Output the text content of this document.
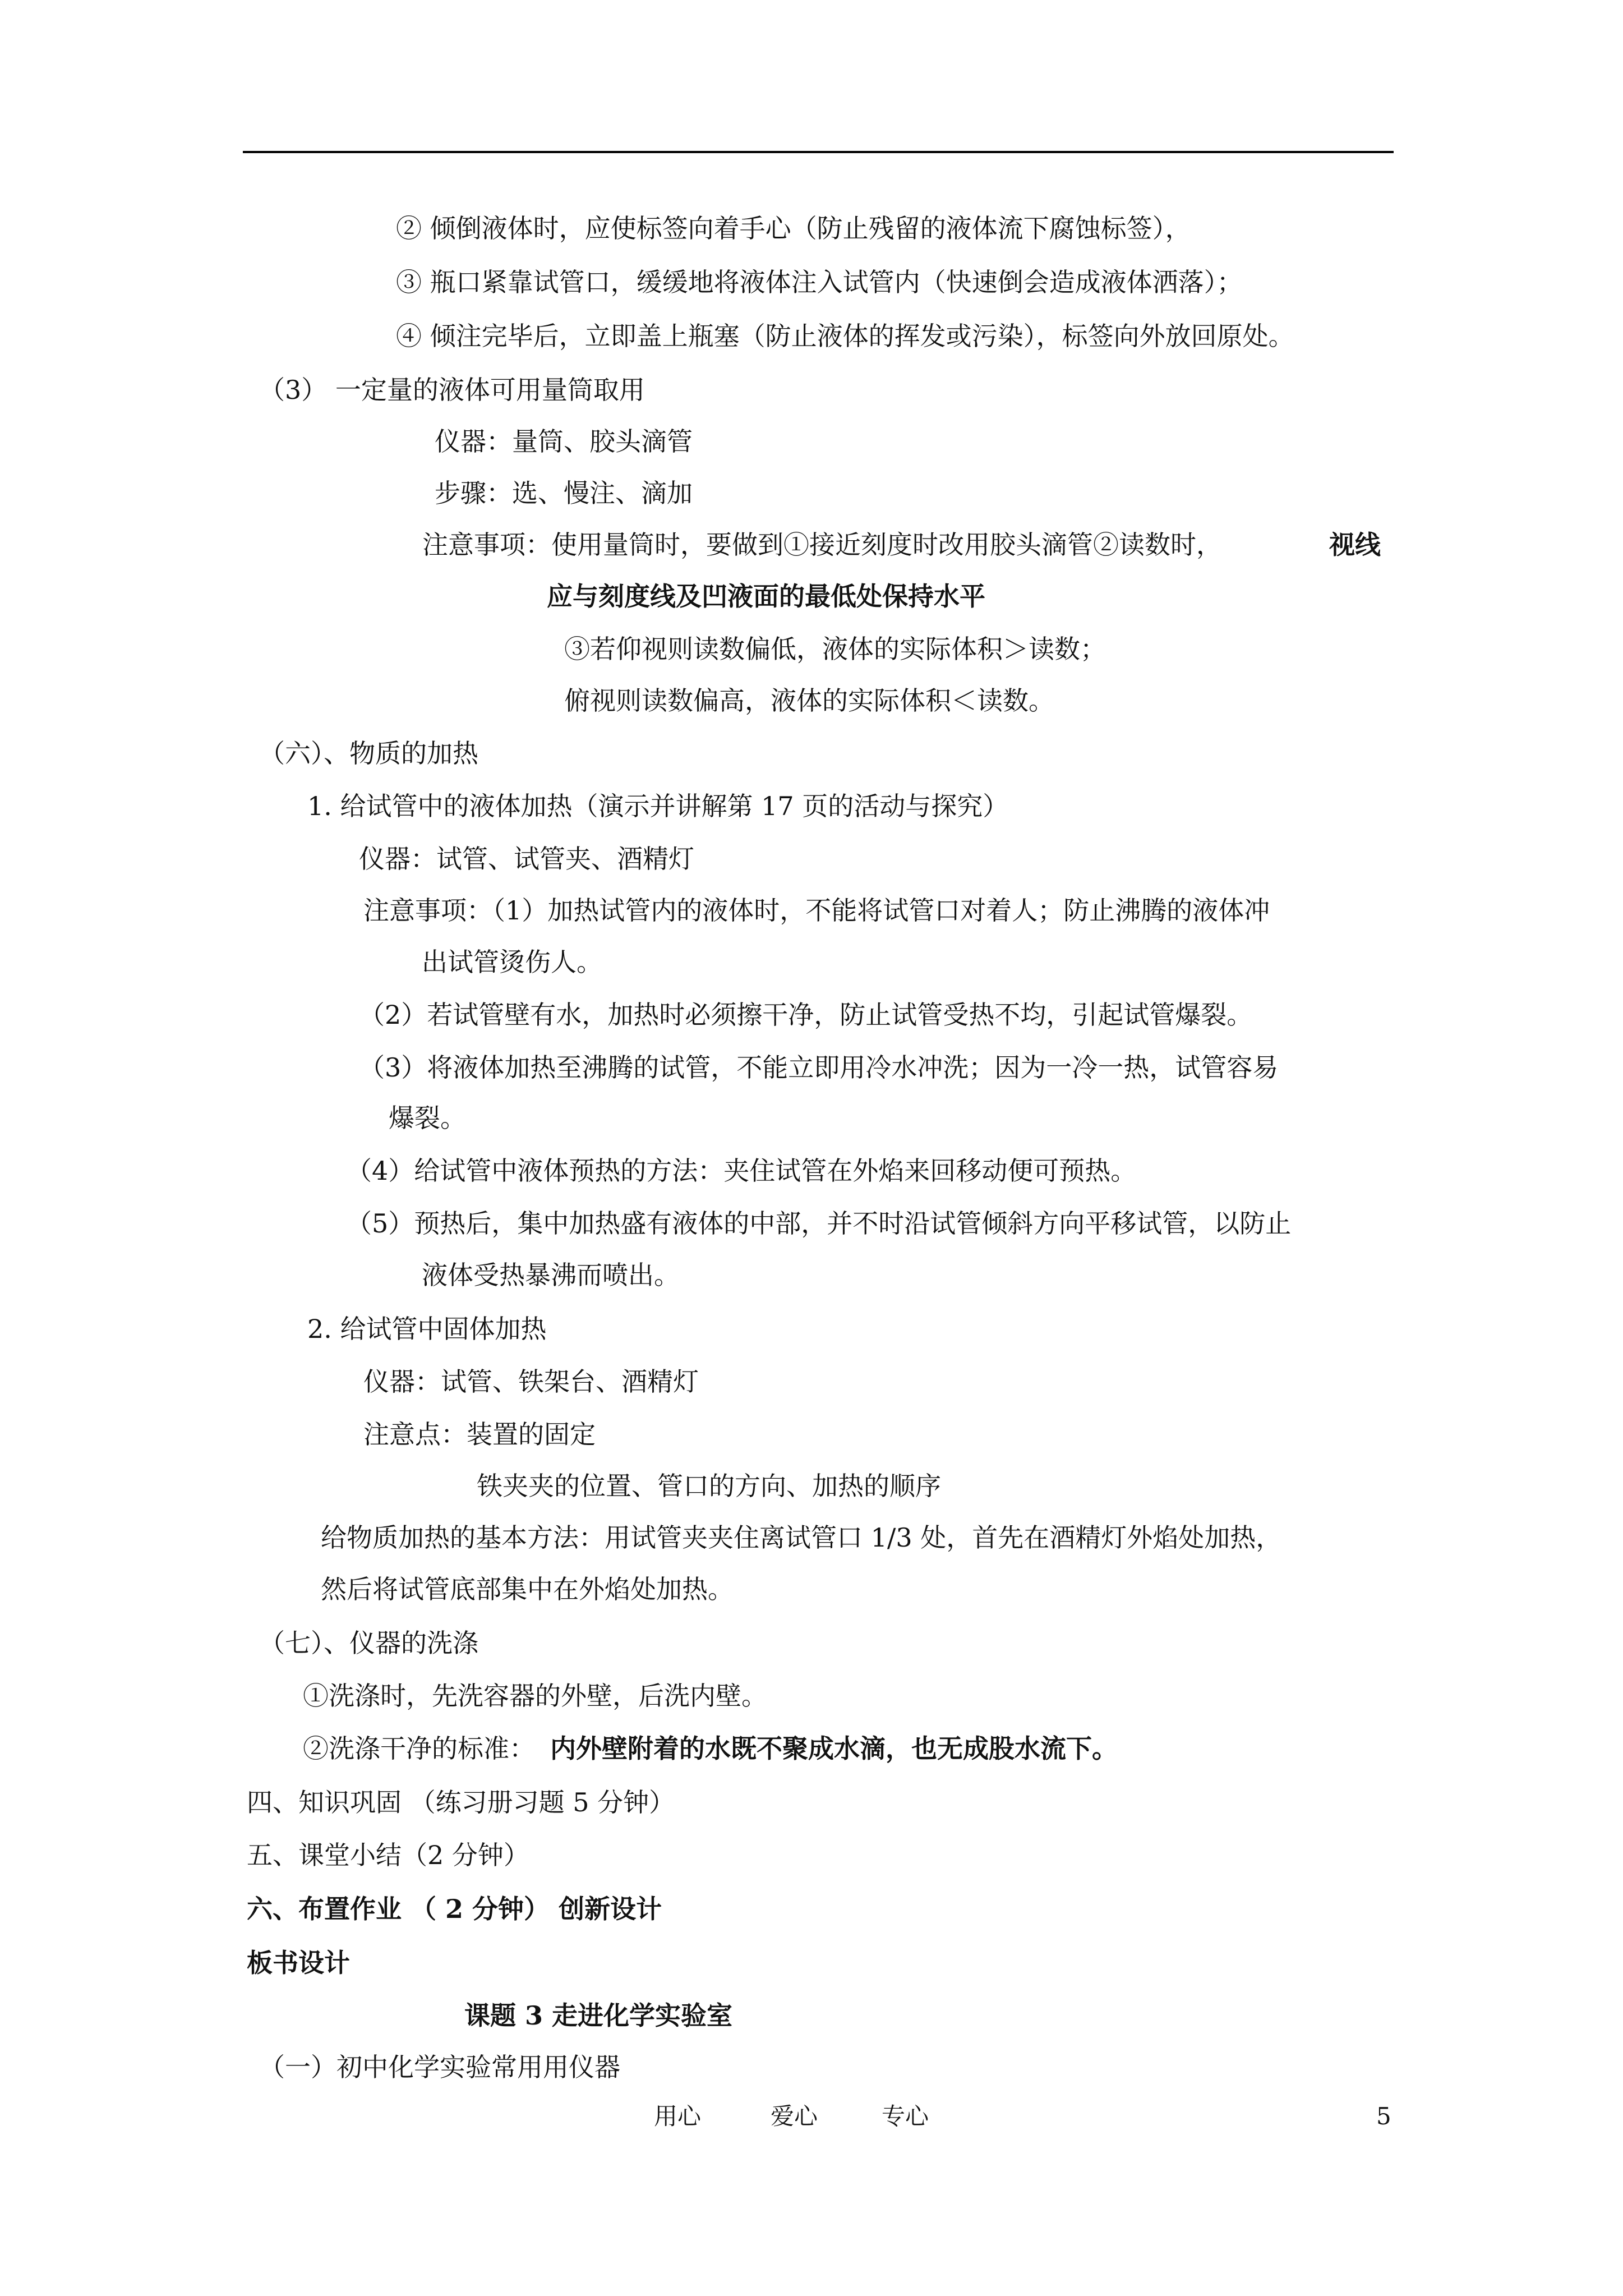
② 倾倒液体时，应使标签向着手心（防止残留的液体流下腐蚀标签），
③ 瓶口紧靠试管口，缓缓地将液体注入试管内（快速倒会造成液体洒落）；
④ 倾注完毕后，立即盖上瓶塞（防止液体的挥发或污染），标签向外放回原处。
（3） 一定量的液体可用量筒取用
仪器：量筒、胶头滴管
步骤：选、慢注、滴加
注意事项：使用量筒时，要做到①接近刻度时改用胶头滴管②读数时，	视线
应与刻度线及凹液面的最低处保持水平
③若仰视则读数偏低，液体的实际体积＞读数；
俯视则读数偏高，液体的实际体积＜读数。
（六）、物质的加热
1. 给试管中的液体加热（演示并讲解第 17 页的活动与探究）
仪器：试管、试管夹、酒精灯
注意事项：（1）加热试管内的液体时，不能将试管口对着人；防止沸腾的液体冲
出试管烫伤人。
（2）若试管壁有水，加热时必须擦干净，防止试管受热不均，引起试管爆裂。
（3）将液体加热至沸腾的试管，不能立即用冷水冲洗；因为一冷一热，试管容易
爆裂。
（4）给试管中液体预热的方法：夹住试管在外焰来回移动便可预热。
（5）预热后，集中加热盛有液体的中部，并不时沿试管倾斜方向平移试管，以防止
液体受热暴沸而喷出。
2. 给试管中固体加热
仪器：试管、铁架台、酒精灯
注意点：装置的固定
铁夹夹的位置、管口的方向、加热的顺序
给物质加热的基本方法：用试管夹夹住离试管口 1/3 处，首先在酒精灯外焰处加热，
然后将试管底部集中在外焰处加热。
（七）、仪器的洗涤
①洗涤时，先洗容器的外壁，后洗内壁。
②洗涤干净的标准： 内外壁附着的水既不聚成水滴，也无成股水流下。
四、知识巩固 （练习册习题 5 分钟）
五、课堂小结（2 分钟）
六、布置作业 （ 2 分钟） 创新设计
板书设计
课题 3 走进化学实验室
（一）初中化学实验常用用仪器
用心	爱心	专心	5
